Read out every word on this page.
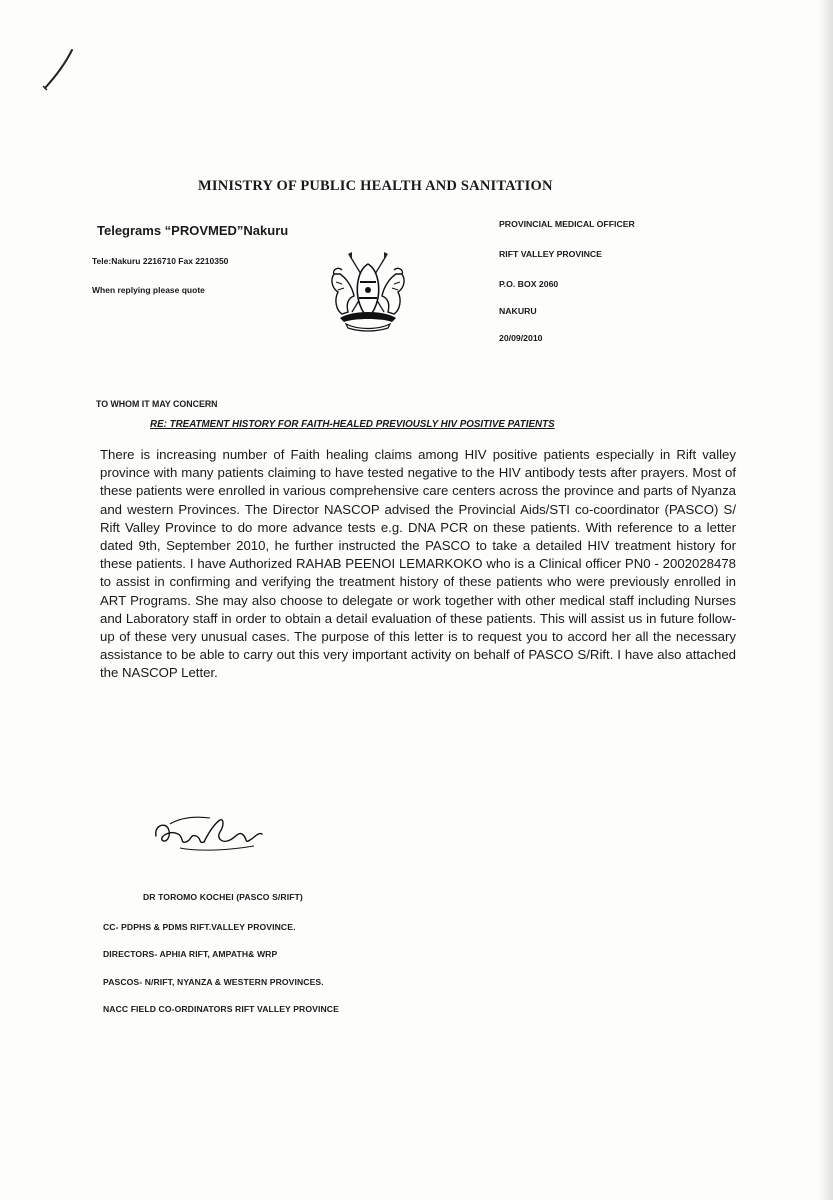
MINISTRY OF PUBLIC HEALTH AND SANITATION
Telegrams “PROVMED”Nakuru
Tele:Nakuru 2216710 Fax 2210350
When replying please quote
PROVINCIAL MEDICAL OFFICER
RIFT VALLEY PROVINCE
P.O. BOX 2060
NAKURU
20/09/2010
TO WHOM IT MAY CONCERN
RE: TREATMENT HISTORY FOR FAITH-HEALED PREVIOUSLY HIV POSITIVE PATIENTS
There is increasing number of Faith healing claims among HIV positive patients especially in Rift valley province with many patients claiming to have tested negative to the HIV antibody tests after prayers. Most of these patients were enrolled in various comprehensive care centers across the province and parts of Nyanza and western Provinces. The Director NASCOP advised the Provincial Aids/STI co-coordinator (PASCO) S/ Rift Valley Province to do more advance tests e.g. DNA PCR on these patients. With reference to a letter dated 9th, September 2010, he further instructed the PASCO to take a detailed HIV treatment history for these patients. I have Authorized RAHAB PEENOI LEMARKOKO who is a Clinical officer PN0 - 2002028478 to assist in confirming and verifying the treatment history of these patients who were previously enrolled in ART Programs. She may also choose to delegate or work together with other medical staff including Nurses and Laboratory staff in order to obtain a detail evaluation of these patients. This will assist us in future follow-up of these very unusual cases. The purpose of this letter is to request you to accord her all the necessary assistance to be able to carry out this very important activity on behalf of PASCO S/Rift. I have also attached the NASCOP Letter.
DR TOROMO KOCHEI (PASCO S/RIFT)
CC- PDPHS & PDMS RIFT.VALLEY PROVINCE.
DIRECTORS- APHIA RIFT, AMPATH& WRP
PASCOS- N/RIFT, NYANZA & WESTERN PROVINCES.
NACC FIELD CO-ORDINATORS RIFT VALLEY PROVINCE
